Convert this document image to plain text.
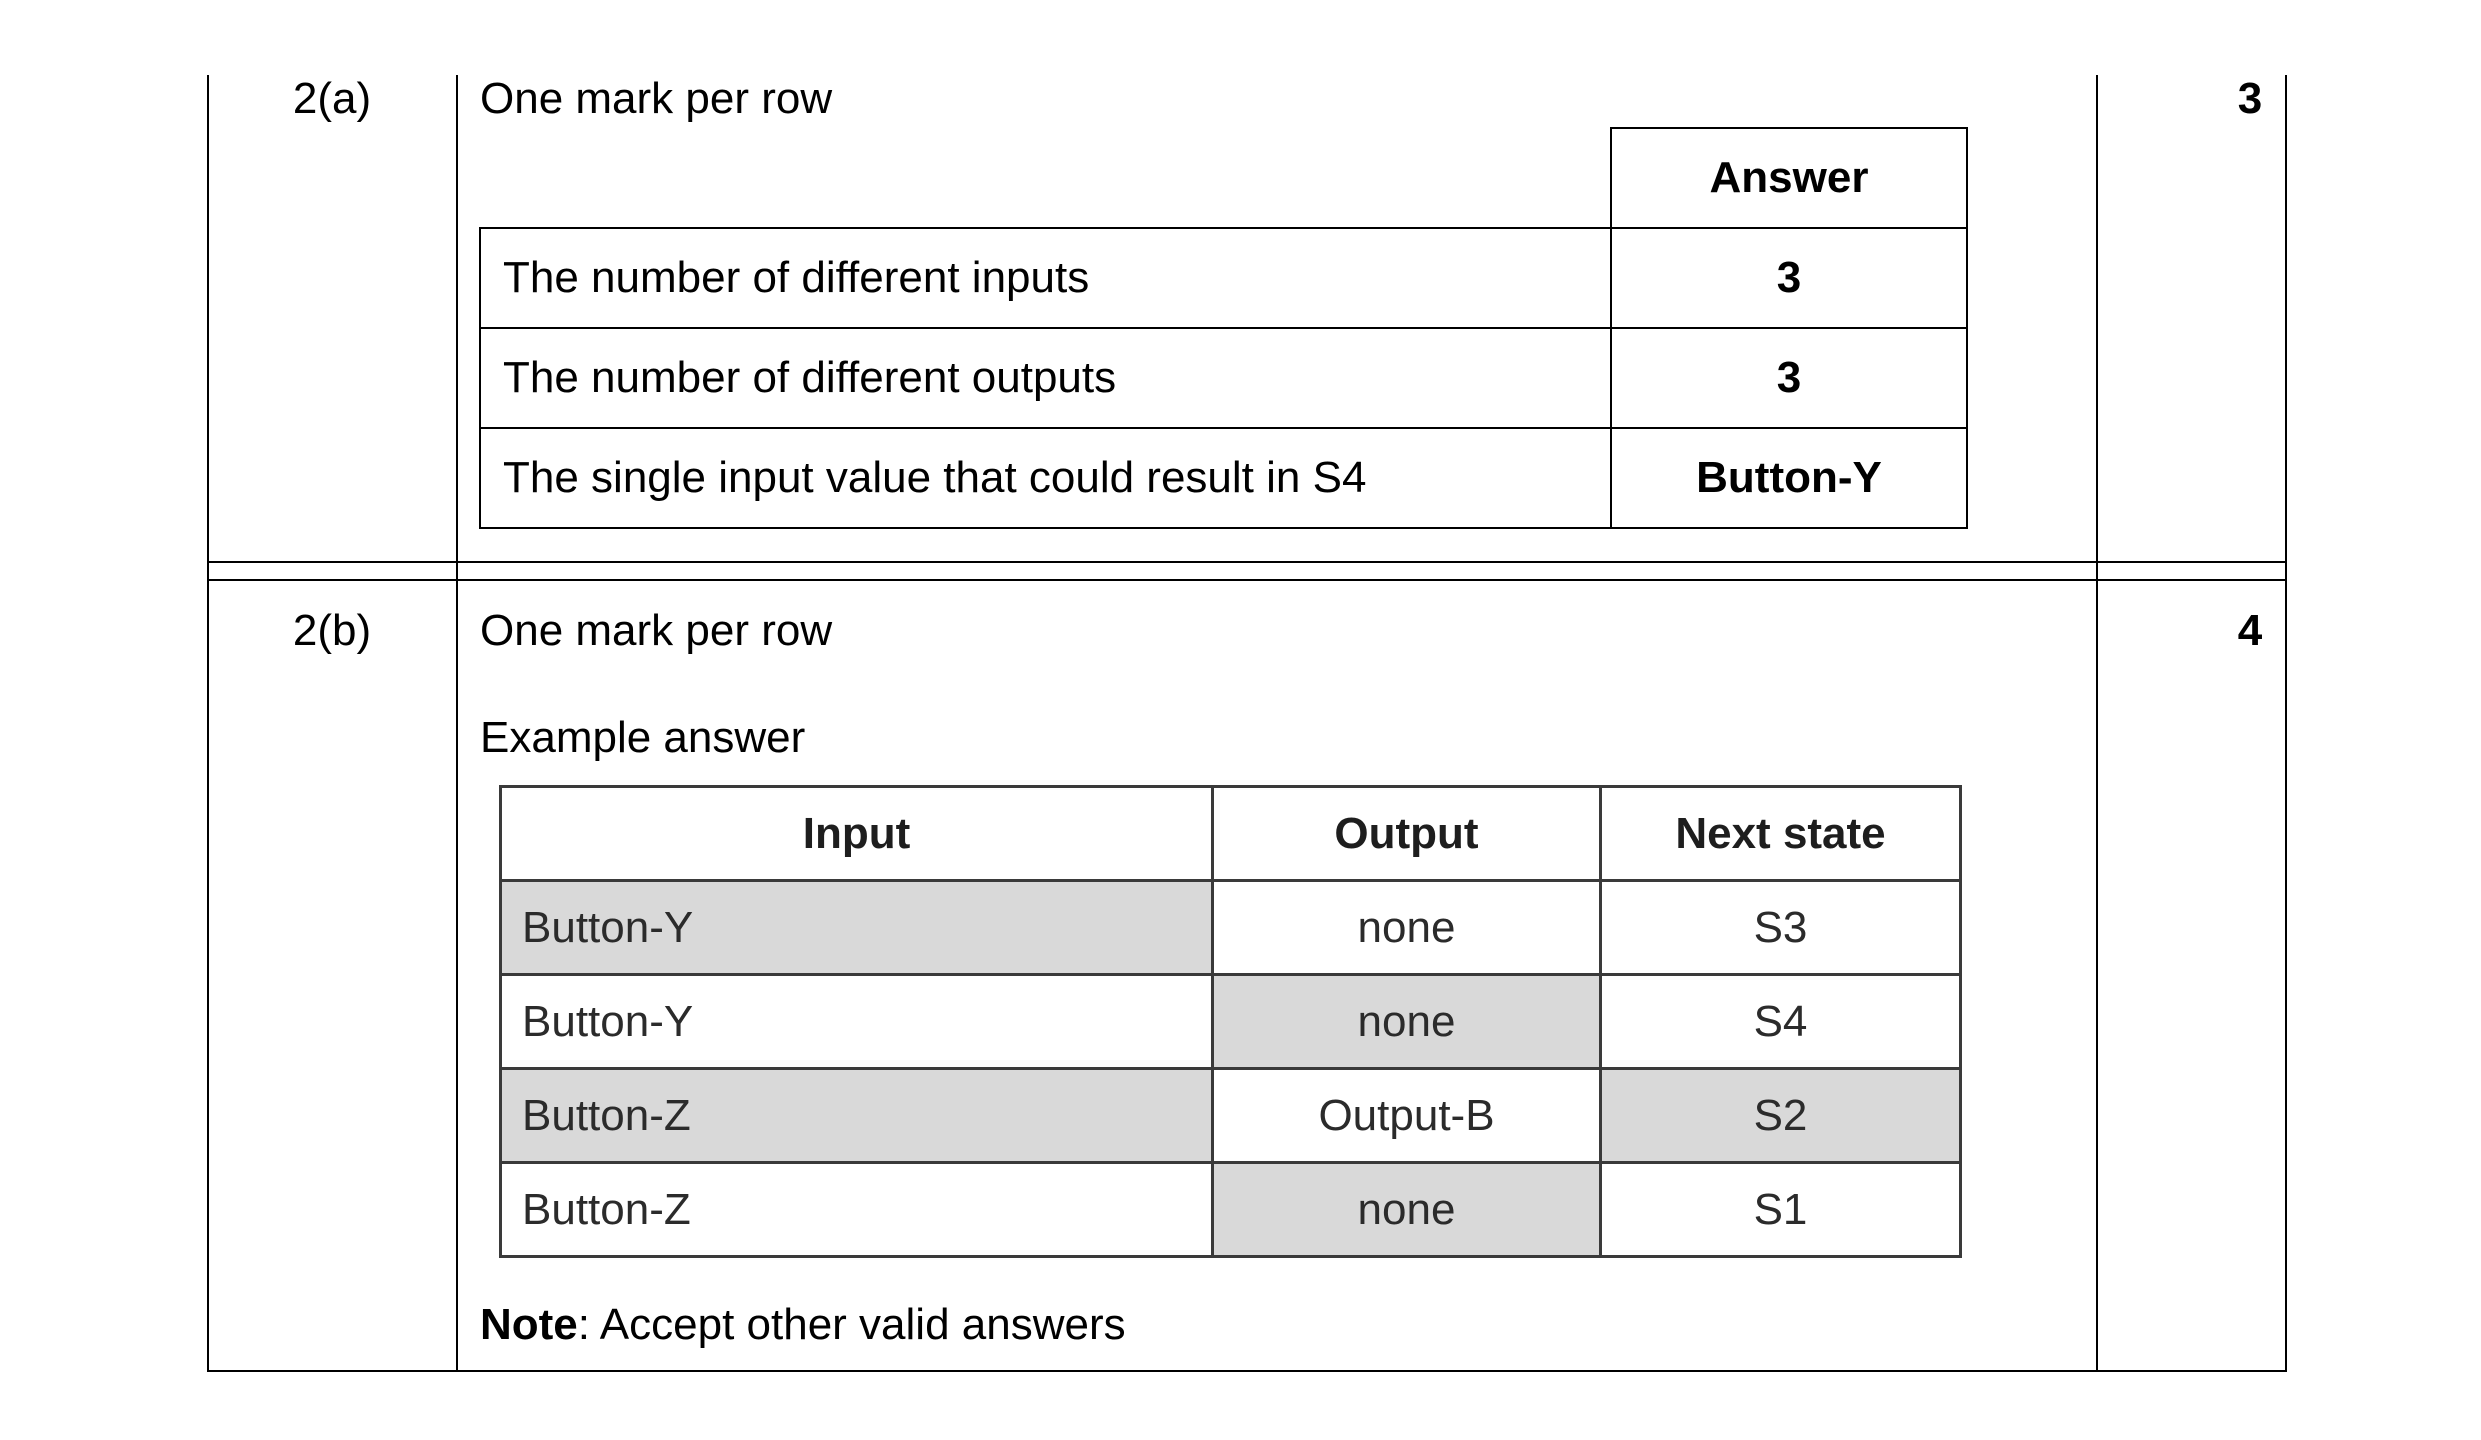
2(a)	One mark per row	3
	Answer
The number of different inputs	3
The number of different outputs	3
The single input value that could result in S4	Button-Y
2(b)	One mark per row	4
Example answer
Input	Output	Next state
Button-Y	none	S3
Button-Y	none	S4
Button-Z	Output-B	S2
Button-Z	none	S1
Note: Accept other valid answers
